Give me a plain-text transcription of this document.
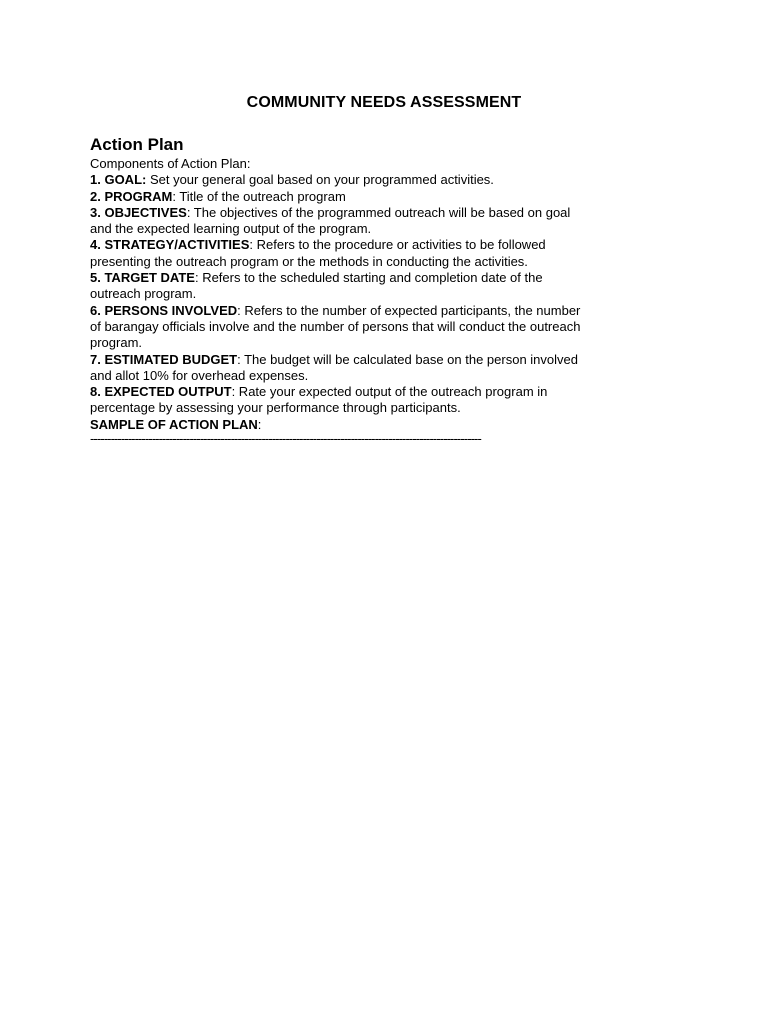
COMMUNITY NEEDS ASSESSMENT
Action Plan

Components of Action Plan:

1. GOAL: Set your general goal based on your programmed activities.

2. PROGRAM: Title of the outreach program

3. OBJECTIVES: The objectives of the programmed outreach will be based on goal and the expected learning output of the program.

4. STRATEGY/ACTIVITIES: Refers to the procedure or activities to be followed presenting the outreach program or the methods in conducting the activities.

5. TARGET DATE: Refers to the scheduled starting and completion date of the outreach program.

6. PERSONS INVOLVED: Refers to the number of expected participants, the number of barangay officials involve and the number of persons that will conduct the outreach program.

7. ESTIMATED BUDGET: The budget will be calculated base on the person involved and allot 10% for overhead expenses.

8. EXPECTED OUTPUT: Rate your expected output of the outreach program in percentage by assessing your performance through participants.

SAMPLE OF ACTION PLAN:

------------------------------------------------------------------------------------------------------------------
